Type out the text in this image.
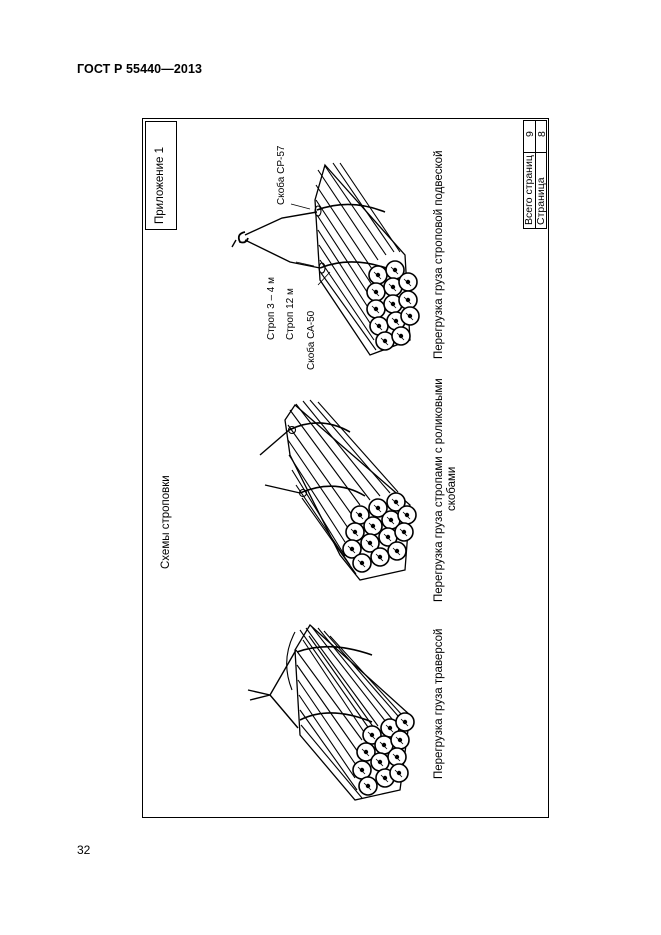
ГОСТ Р 55440—2013
Приложение 1
Схемы строповки
Всего страниц Страница
9 8
Перегрузка груза траверсой
Перегрузка груза стропами с роликовыми скобами
Перегрузка груза строповой подвеской
Скоба СР-57
Строп 3 – 4 м Строп 12 м Скоба СА-50
32
